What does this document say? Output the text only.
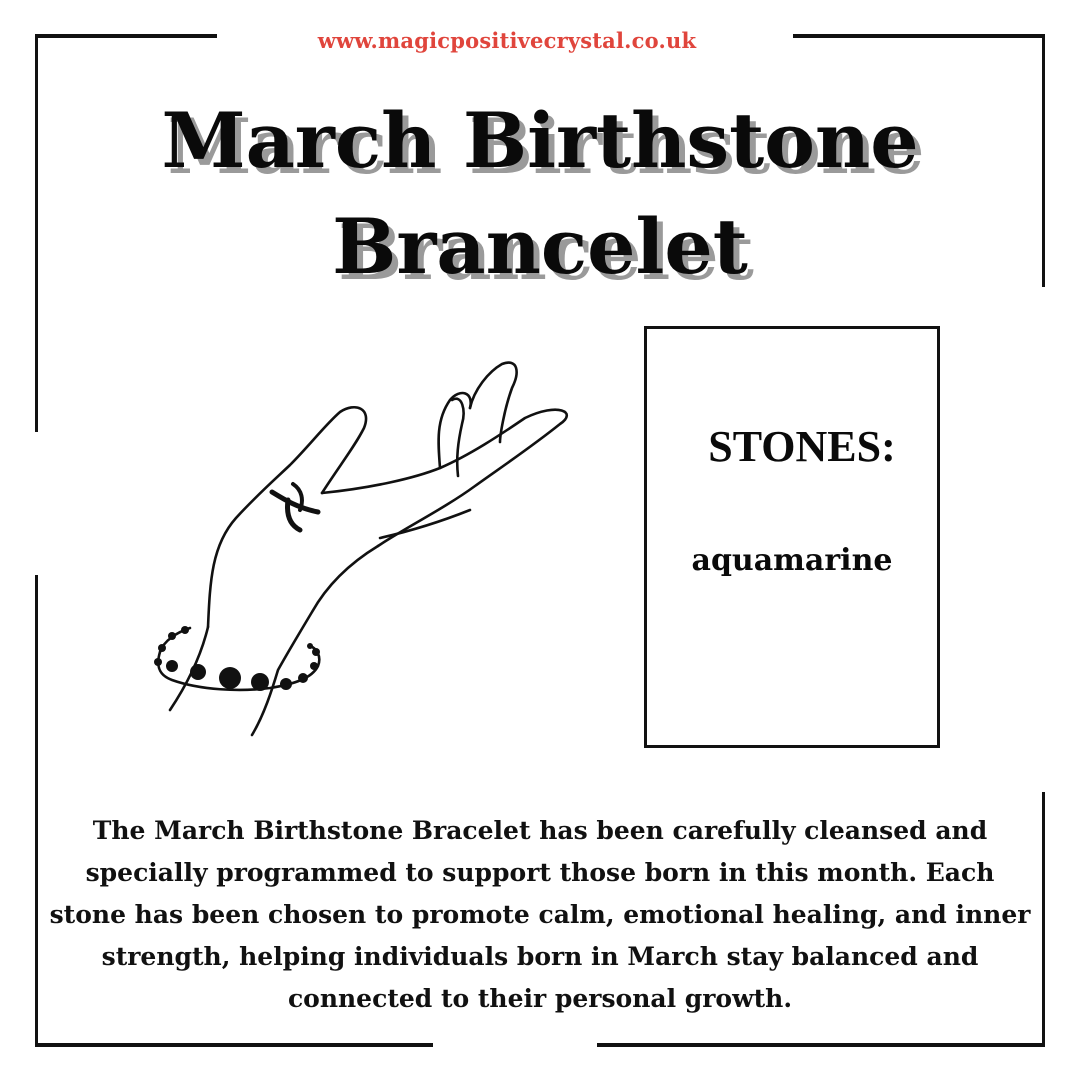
www.magicpositivecrystal.co.uk
March Birthstone
Brancelet
STONES:
aquamarine
The March Birthstone Bracelet has been carefully cleansed and specially programmed to support those born in this month. Each stone has been chosen to promote calm, emotional healing, and inner strength, helping individuals born in March stay balanced and connected to their personal growth.
